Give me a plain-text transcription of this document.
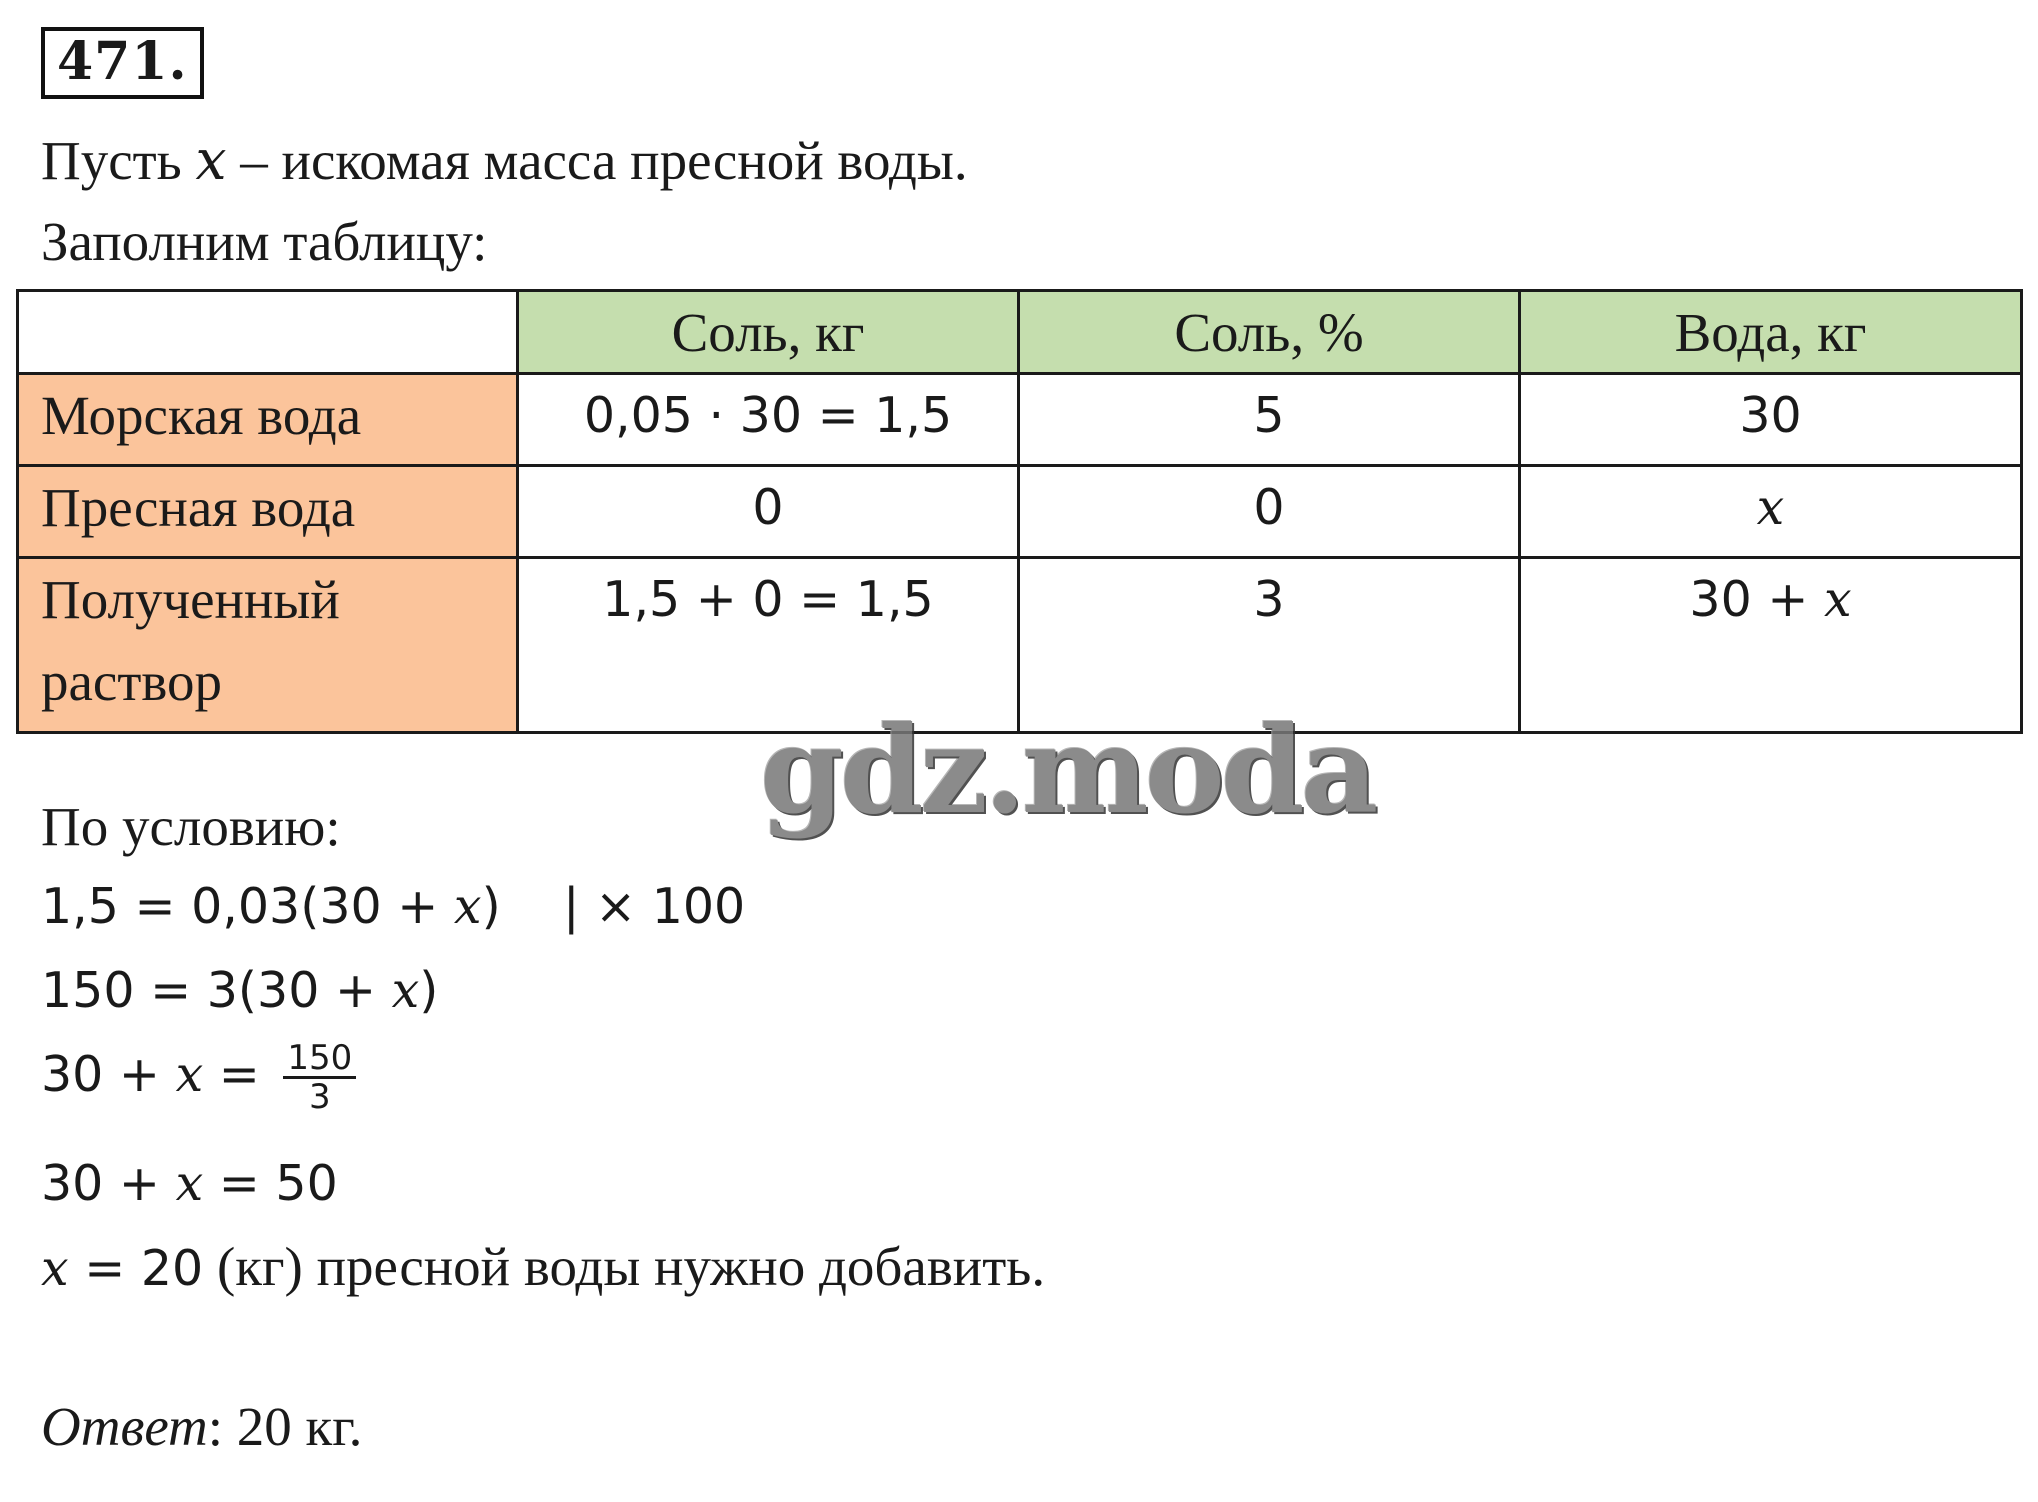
471.
Пусть x – искомая масса пресной воды.
Заполним таблицу:
	Соль, кг	Соль, %	Вода, кг
Морская вода	0,05 · 30 = 1,5	5	30
Пресная вода	0	0	x

Полученный
раствор	1,5 + 0 = 1,5	3	30 + x
gdz.moda
По условию:
1,5 = 0,03(30 + x)    | × 100
150 = 3(30 + x)
$30 + x = \frac{150}{3}$
30 + x = 50
x = 20 (кг) пресной воды нужно добавить.
Ответ: 20 кг.
